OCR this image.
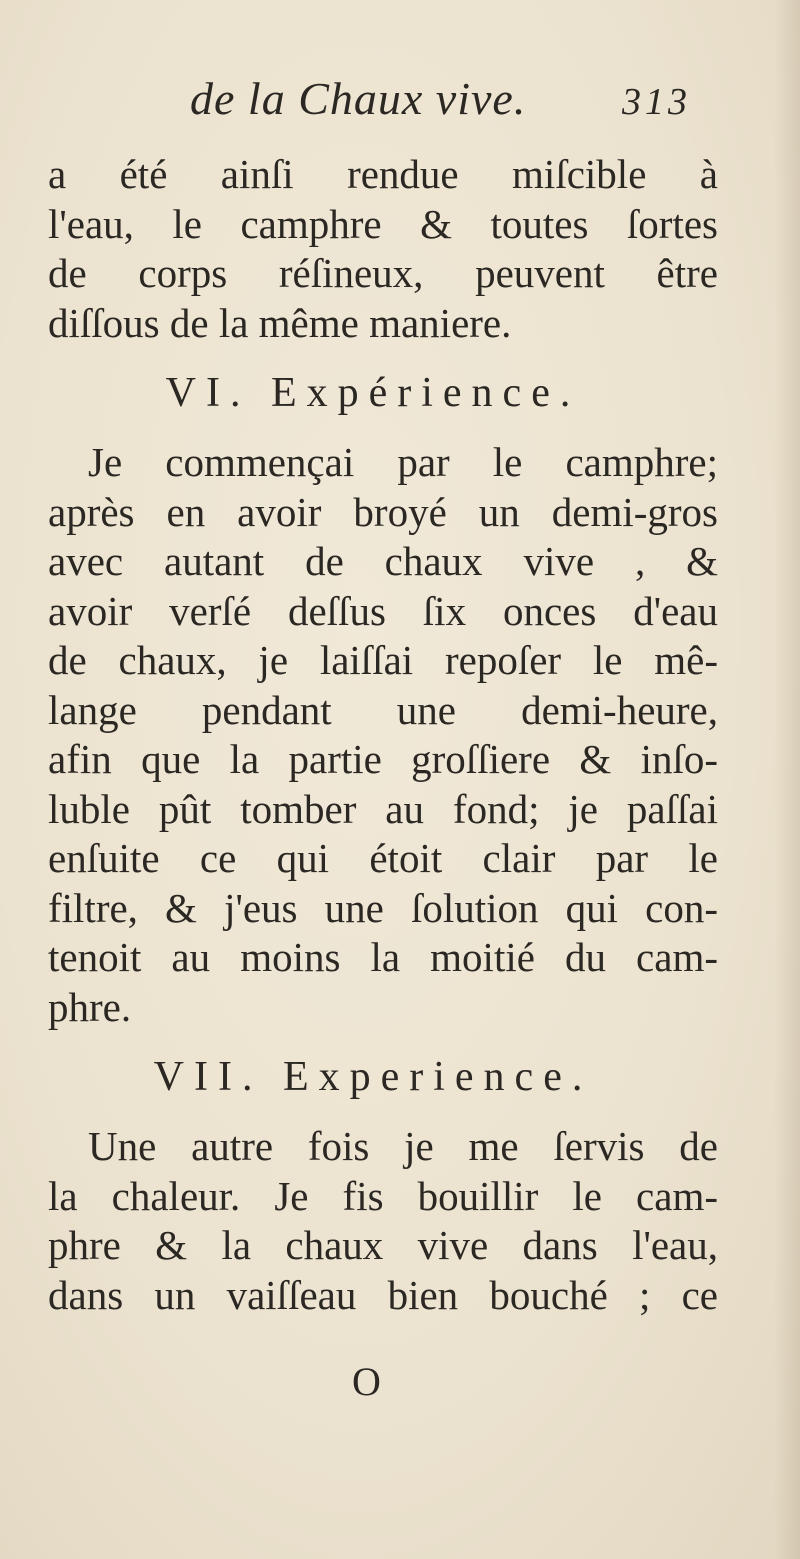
de la Chaux vive.	313
a été ainſi rendue miſcible à
l'eau, le camphre & toutes ſortes
de corps réſineux, peuvent être
diſſous de la même maniere.
VI. Expérience.
Je commençai par le camphre;
après en avoir broyé un demi-gros
avec autant de chaux vive , &
avoir verſé deſſus ſix onces d'eau
de chaux, je laiſſai repoſer le mê-
lange pendant une demi-heure,
afin que la partie groſſiere & inſo-
luble pût tomber au fond; je paſſai
enſuite ce qui étoit clair par le
filtre, & j'eus une ſolution qui con-
tenoit au moins la moitié du cam-
phre.
VII. Experience.
Une autre fois je me ſervis de
la chaleur. Je fis bouillir le cam-
phre & la chaux vive dans l'eau,
dans un vaiſſeau bien bouché ; ce
O
